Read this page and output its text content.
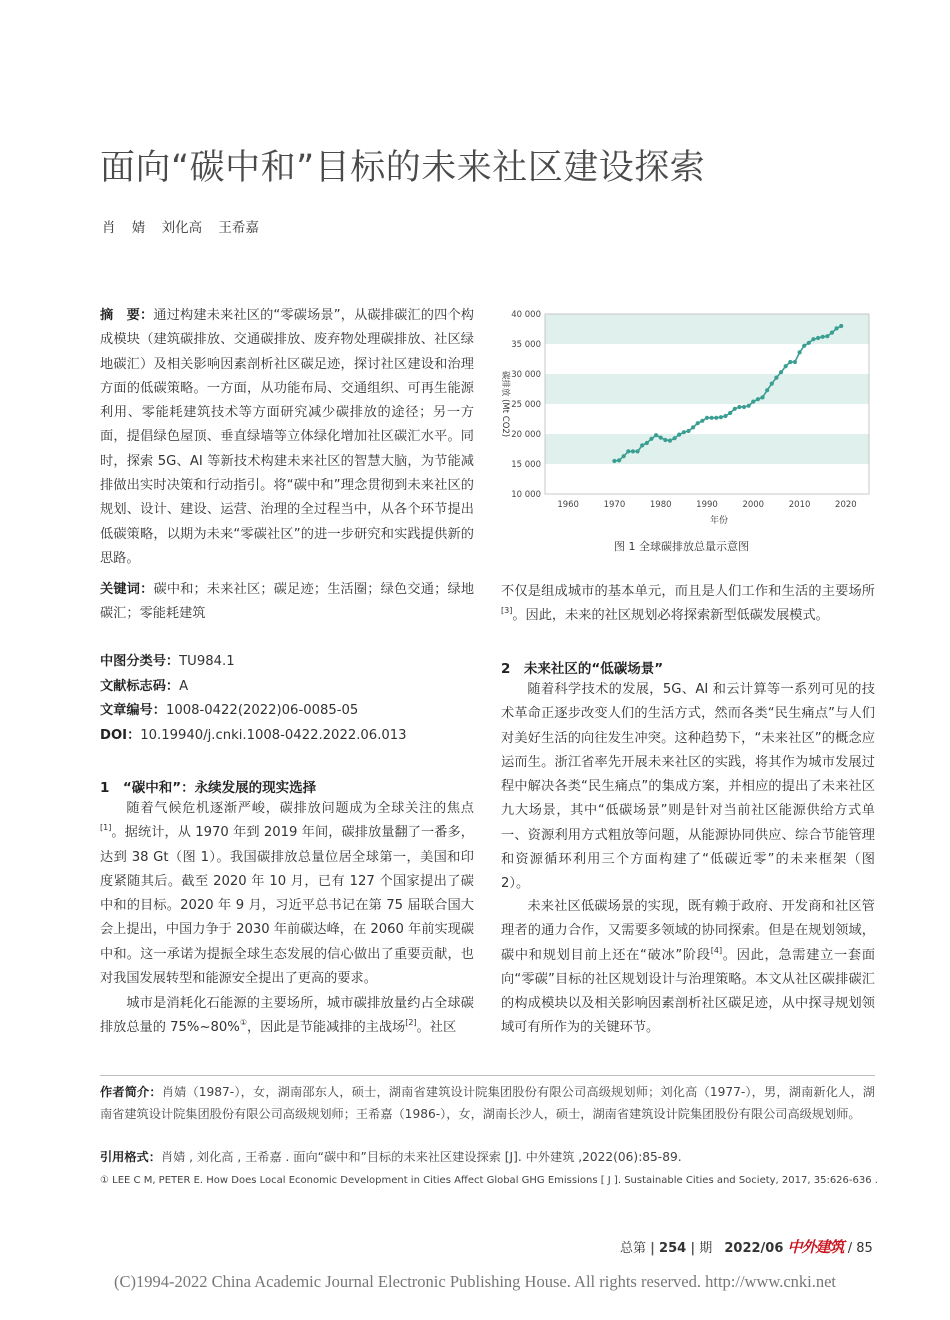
面向“碳中和”目标的未来社区建设探索
肖 婧 刘化高 王希嘉
摘　要：通过构建未来社区的“零碳场景”，从碳排碳汇的四个构成模块（建筑碳排放、交通碳排放、废弃物处理碳排放、社区绿地碳汇）及相关影响因素剖析社区碳足迹，探讨社区建设和治理方面的低碳策略。一方面，从功能布局、交通组织、可再生能源利用、零能耗建筑技术等方面研究减少碳排放的途径；另一方面，提倡绿色屋顶、垂直绿墙等立体绿化增加社区碳汇水平。同时，探索 5G、AI 等新技术构建未来社区的智慧大脑，为节能减排做出实时决策和行动指引。将“碳中和”理念贯彻到未来社区的规划、设计、建设、运营、治理的全过程当中，从各个环节提出低碳策略，以期为未来“零碳社区”的进一步研究和实践提供新的思路。
关键词：碳中和；未来社区；碳足迹；生活圈；绿色交通；绿地碳汇；零能耗建筑
中图分类号：TU984.1
文献标志码：A
文章编号：1008-0422(2022)06-0085-05
DOI：10.19940/j.cnki.1008-0422.2022.06.013
1　“碳中和”：永续发展的现实选择
随着气候危机逐渐严峻，碳排放问题成为全球关注的焦点[1]。据统计，从 1970 年到 2019 年间，碳排放量翻了一番多，达到 38 Gt（图 1）。我国碳排放总量位居全球第一，美国和印度紧随其后。截至 2020 年 10 月，已有 127 个国家提出了碳中和的目标。2020 年 9 月，习近平总书记在第 75 届联合国大会上提出，中国力争于 2030 年前碳达峰，在 2060 年前实现碳中和。这一承诺为提振全球生态发展的信心做出了重要贡献，也对我国发展转型和能源安全提出了更高的要求。
城市是消耗化石能源的主要场所，城市碳排放量约占全球碳排放总量的 75%~80%①，因此是节能减排的主战场[2]。社区
10 000
15 000
20 000
25 000
30 000
35 000
40 000
1960	1970	1980	1990	2000	2010	2020
年份
碳排放 (Mt CO2)
图 1 全球碳排放总量示意图
不仅是组成城市的基本单元，而且是人们工作和生活的主要场所[3]。因此，未来的社区规划必将探索新型低碳发展模式。
2　未来社区的“低碳场景”
随着科学技术的发展，5G、AI 和云计算等一系列可见的技术革命正逐步改变人们的生活方式，然而各类“民生痛点”与人们对美好生活的向往发生冲突。这种趋势下，“未来社区”的概念应运而生。浙江省率先开展未来社区的实践，将其作为城市发展过程中解决各类“民生痛点”的集成方案，并相应的提出了未来社区九大场景，其中“低碳场景”则是针对当前社区能源供给方式单一、资源利用方式粗放等问题，从能源协同供应、综合节能管理和资源循环利用三个方面构建了“低碳近零”的未来框架（图 2）。
未来社区低碳场景的实现，既有赖于政府、开发商和社区管理者的通力合作，又需要多领域的协同探索。但是在规划领域，碳中和规划目前上还在“破冰”阶段[4]。因此，急需建立一套面向“零碳”目标的社区规划设计与治理策略。本文从社区碳排碳汇的构成模块以及相关影响因素剖析社区碳足迹，从中探寻规划领域可有所作为的关键环节。
作者简介：肖婧（1987-），女，湖南邵东人，硕士，湖南省建筑设计院集团股份有限公司高级规划师；刘化高（1977-），男，湖南新化人，湖南省建筑设计院集团股份有限公司高级规划师；王希嘉（1986-），女，湖南长沙人，硕士，湖南省建筑设计院集团股份有限公司高级规划师。
引用格式：肖婧 , 刘化高 , 王希嘉 . 面向“碳中和”目标的未来社区建设探索 [J]. 中外建筑 ,2022(06):85-89.
① LEE C M, PETER E. How Does Local Economic Development in Cities Affect Global GHG Emissions [ J ]. Sustainable Cities and Society, 2017, 35:626-636 .
总第 | 254 | 期 2022/06 中外建筑 / 85
(C)1994-2022 China Academic Journal Electronic Publishing House. All rights reserved. http://www.cnki.net
